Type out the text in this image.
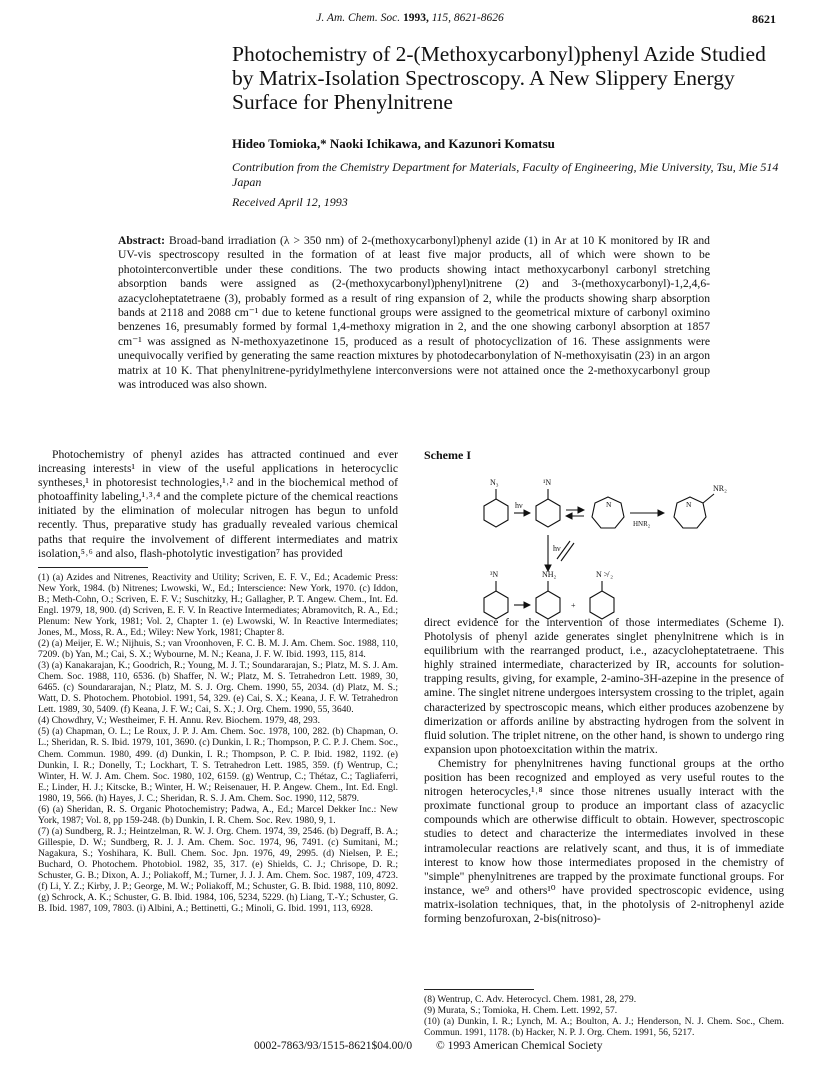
J. Am. Chem. Soc. 1993, 115, 8621-8626	8621
Photochemistry of 2-(Methoxycarbonyl)phenyl Azide Studied by Matrix-Isolation Spectroscopy. A New Slippery Energy Surface for Phenylnitrene
Hideo Tomioka,* Naoki Ichikawa, and Kazunori Komatsu
Contribution from the Chemistry Department for Materials, Faculty of Engineering, Mie University, Tsu, Mie 514 Japan
Received April 12, 1993
Abstract: Broad-band irradiation (λ > 350 nm) of 2-(methoxycarbonyl)phenyl azide (1) in Ar at 10 K monitored by IR and UV-vis spectroscopy resulted in the formation of at least five major products, all of which were shown to be photointerconvertible under these conditions. The two products showing intact methoxycarbonyl carbonyl stretching absorption bands were assigned as (2-(methoxycarbonyl)phenyl)nitrene (2) and 3-(methoxycarbonyl)-1,2,4,6-azacycloheptatetraene (3), probably formed as a result of ring expansion of 2, while the products showing sharp absorption bands at 2118 and 2088 cm⁻¹ due to ketene functional groups were assigned to the geometrical mixture of carbonyl oximino benzenes 16, presumably formed by formal 1,4-methoxy migration in 2, and the one showing carbonyl absorption at 1857 cm⁻¹ was assigned as N-methoxyazetinone 15, produced as a result of photocyclization of 16. These assignments were unequivocally verified by generating the same reaction mixtures by photodecarbonylation of N-methoxyisatin (23) in an argon matrix at 10 K. That phenylnitrene-pyridylmethylene interconversions were not attained once the 2-methoxycarbonyl group was introduced was also shown.

Photochemistry of phenyl azides has attracted continued and ever increasing interests¹ in view of the useful applications in heterocyclic syntheses,¹ in photoresist technologies,¹˒² and in the biochemical method of photoaffinity labeling,¹˒³˒⁴ and the complete picture of the chemical reactions initiated by the elimination of molecular nitrogen has begun to unfold recently. Thus, preparative study has gradually revealed various chemical paths that require the involvement of different intermediates and matrix isolation,⁵˒⁶ and also, flash-photolytic investigation⁷ has provided

(1) (a) Azides and Nitrenes, Reactivity and Utility; Scriven, E. F. V., Ed.; Academic Press: New York, 1984. (b) Nitrenes; Lwowski, W., Ed.; Interscience: New York, 1970. (c) Iddon, B.; Meth-Cohn, O.; Scriven, E. F. V.; Suschitzky, H.; Gallagher, P. T. Angew. Chem., Int. Ed. Engl. 1979, 18, 900. (d) Scriven, E. F. V. In Reactive Intermediates; Abramovitch, R. A., Ed.; Plenum: New York, 1981; Vol. 2, Chapter 1. (e) Lwowski, W. In Reactive Intermediates; Jones, M., Moss, R. A., Ed.; Wiley: New York, 1981; Chapter 8.

(2) (a) Meijer, E. W.; Nijhuis, S.; van Vroonhoven, F. C. B. M. J. Am. Chem. Soc. 1988, 110, 7209. (b) Yan, M.; Cai, S. X.; Wybourne, M. N.; Keana, J. F. W. Ibid. 1993, 115, 814.

(3) (a) Kanakarajan, K.; Goodrich, R.; Young, M. J. T.; Soundararajan, S.; Platz, M. S. J. Am. Chem. Soc. 1988, 110, 6536. (b) Shaffer, N. W.; Platz, M. S. Tetrahedron Lett. 1989, 30, 6465. (c) Soundararajan, N.; Platz, M. S. J. Org. Chem. 1990, 55, 2034. (d) Platz, M. S.; Watt, D. S. Photochem. Photobiol. 1991, 54, 329. (e) Cai, S. X.; Keana, J. F. W. Tetrahedron Lett. 1989, 30, 5409. (f) Keana, J. F. W.; Cai, S. X.; J. Org. Chem. 1990, 55, 3640.

(4) Chowdhry, V.; Westheimer, F. H. Annu. Rev. Biochem. 1979, 48, 293.

(5) (a) Chapman, O. L.; Le Roux, J. P. J. Am. Chem. Soc. 1978, 100, 282. (b) Chapman, O. L.; Sheridan, R. S. Ibid. 1979, 101, 3690. (c) Dunkin, I. R.; Thompson, P. C. P. J. Chem. Soc., Chem. Commun. 1980, 499. (d) Dunkin, I. R.; Thompson, P. C. P. Ibid. 1982, 1192. (e) Dunkin, I. R.; Donelly, T.; Lockhart, T. S. Tetrahedron Lett. 1985, 359. (f) Wentrup, C.; Winter, H. W. J. Am. Chem. Soc. 1980, 102, 6159. (g) Wentrup, C.; Thétaz, C.; Tagliaferri, E.; Linder, H. J.; Kitscke, B.; Winter, H. W.; Reisenauer, H. P. Angew. Chem., Int. Ed. Engl. 1980, 19, 566. (h) Hayes, J. C.; Sheridan, R. S. J. Am. Chem. Soc. 1990, 112, 5879.

(6) (a) Sheridan, R. S. Organic Photochemistry; Padwa, A., Ed.; Marcel Dekker Inc.: New York, 1987; Vol. 8, pp 159-248. (b) Dunkin, I. R. Chem. Soc. Rev. 1980, 9, 1.

(7) (a) Sundberg, R. J.; Heintzelman, R. W. J. Org. Chem. 1974, 39, 2546. (b) Degraff, B. A.; Gillespie, D. W.; Sundberg, R. J. J. Am. Chem. Soc. 1974, 96, 7491. (c) Sumitani, M.; Nagakura, S.; Yoshihara, K. Bull. Chem. Soc. Jpn. 1976, 49, 2995. (d) Nielsen, P. E.; Buchard, O. Photochem. Photobiol. 1982, 35, 317. (e) Shields, C. J.; Chrisope, D. R.; Schuster, G. B.; Dixon, A. J.; Poliakoff, M.; Turner, J. J. J. Am. Chem. Soc. 1987, 109, 4723. (f) Li, Y. Z.; Kirby, J. P.; George, M. W.; Poliakoff, M.; Schuster, G. B. Ibid. 1988, 110, 8092. (g) Schrock, A. K.; Schuster, G. B. Ibid. 1984, 106, 5234, 5229. (h) Liang, T.-Y.; Schuster, G. B. Ibid. 1987, 109, 7803. (i) Albini, A.; Bettinetti, G.; Minoli, G. Ibid. 1991, 113, 6928.

Scheme I
N₃	¹N
hν	N	N
NR₂
HNR₂
hν
³N	NH₂
+
N ≯ ₂

direct evidence for the intervention of those intermediates (Scheme I). Photolysis of phenyl azide generates singlet phenylnitrene which is in equilibrium with the rearranged product, i.e., azacycloheptatetraene. This highly strained intermediate, characterized by IR, accounts for solution-trapping results, giving, for example, 2-amino-3H-azepine in the presence of amine. The singlet nitrene undergoes intersystem crossing to the triplet, again characterized by spectroscopic means, which either produces azobenzene by dimerization or affords aniline by abstracting hydrogen from the solvent in fluid solution. The triplet nitrene, on the other hand, is shown to undergo ring expansion upon photoexcitation within the matrix.

Chemistry for phenylnitrenes having functional groups at the ortho position has been recognized and employed as very useful routes to the nitrogen heterocycles,¹˒⁸ since those nitrenes usually interact with the proximate functional group to produce an important class of azacyclic compounds which are otherwise difficult to obtain. However, spectroscopic studies to detect and characterize the intermediates involved in these intramolecular reactions are relatively scant, and thus, it is of immediate interest to know how those intermediates proposed in the chemistry of "simple" phenylnitrenes are trapped by the proximate functional groups. For instance, we⁹ and others¹⁰ have provided spectroscopic evidence, using matrix-isolation techniques, that, in the photolysis of 2-nitrophenyl azide forming benzofuroxan, 2-bis(nitroso)-

(8) Wentrup, C. Adv. Heterocycl. Chem. 1981, 28, 279.

(9) Murata, S.; Tomioka, H. Chem. Lett. 1992, 57.

(10) (a) Dunkin, I. R.; Lynch, M. A.; Boulton, A. J.; Henderson, N. J. Chem. Soc., Chem. Commun. 1991, 1178. (b) Hacker, N. P. J. Org. Chem. 1991, 56, 5217.

0002-7863/93/1515-8621$04.00/0 © 1993 American Chemical Society
